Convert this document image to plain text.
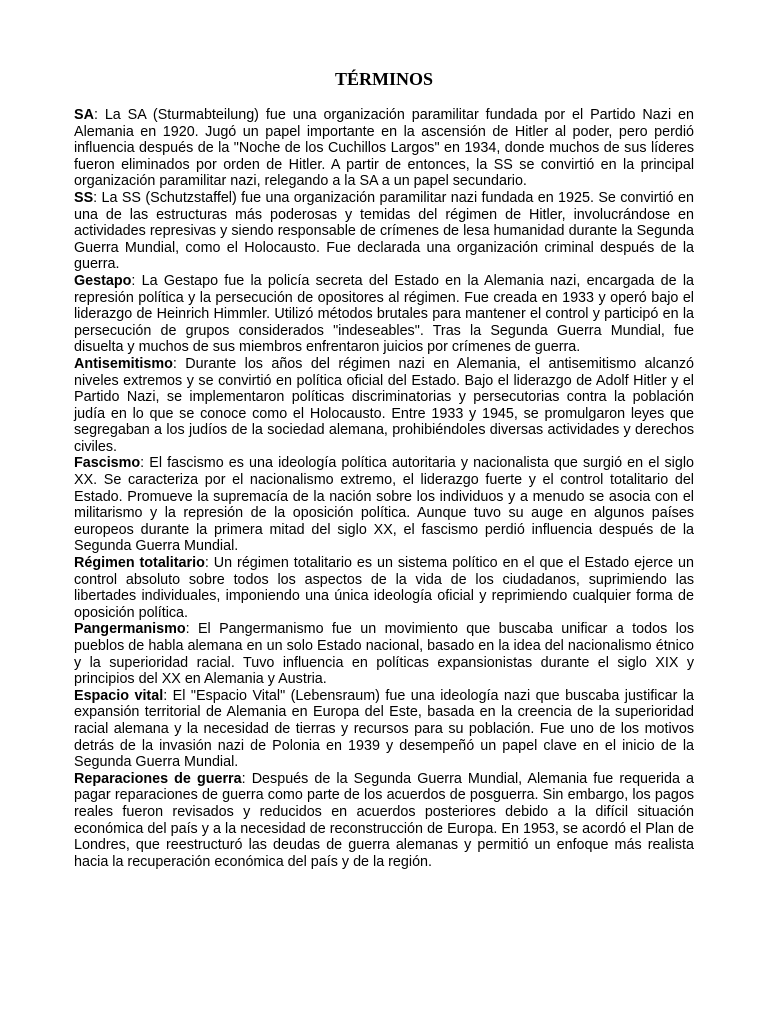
TÉRMINOS

SA: La SA (Sturmabteilung) fue una organización paramilitar fundada por el Partido Nazi en Alemania en 1920. Jugó un papel importante en la ascensión de Hitler al poder, pero perdió influencia después de la "Noche de los Cuchillos Largos" en 1934, donde muchos de sus líderes fueron eliminados por orden de Hitler. A partir de entonces, la SS se convirtió en la principal organización paramilitar nazi, relegando a la SA a un papel secundario.

SS: La SS (Schutzstaffel) fue una organización paramilitar nazi fundada en 1925. Se convirtió en una de las estructuras más poderosas y temidas del régimen de Hitler, involucrándose en actividades represivas y siendo responsable de crímenes de lesa humanidad durante la Segunda Guerra Mundial, como el Holocausto. Fue declarada una organización criminal después de la guerra.

Gestapo: La Gestapo fue la policía secreta del Estado en la Alemania nazi, encargada de la represión política y la persecución de opositores al régimen. Fue creada en 1933 y operó bajo el liderazgo de Heinrich Himmler. Utilizó métodos brutales para mantener el control y participó en la persecución de grupos considerados "indeseables". Tras la Segunda Guerra Mundial, fue disuelta y muchos de sus miembros enfrentaron juicios por crímenes de guerra.

Antisemitismo: Durante los años del régimen nazi en Alemania, el antisemitismo alcanzó niveles extremos y se convirtió en política oficial del Estado. Bajo el liderazgo de Adolf Hitler y el Partido Nazi, se implementaron políticas discriminatorias y persecutorias contra la población judía en lo que se conoce como el Holocausto. Entre 1933 y 1945, se promulgaron leyes que segregaban a los judíos de la sociedad alemana, prohibiéndoles diversas actividades y derechos civiles.

Fascismo: El fascismo es una ideología política autoritaria y nacionalista que surgió en el siglo XX. Se caracteriza por el nacionalismo extremo, el liderazgo fuerte y el control totalitario del Estado. Promueve la supremacía de la nación sobre los individuos y a menudo se asocia con el militarismo y la represión de la oposición política. Aunque tuvo su auge en algunos países europeos durante la primera mitad del siglo XX, el fascismo perdió influencia después de la Segunda Guerra Mundial.

Régimen totalitario: Un régimen totalitario es un sistema político en el que el Estado ejerce un control absoluto sobre todos los aspectos de la vida de los ciudadanos, suprimiendo las libertades individuales, imponiendo una única ideología oficial y reprimiendo cualquier forma de oposición política.

Pangermanismo: El Pangermanismo fue un movimiento que buscaba unificar a todos los pueblos de habla alemana en un solo Estado nacional, basado en la idea del nacionalismo étnico y la superioridad racial. Tuvo influencia en políticas expansionistas durante el siglo XIX y principios del XX en Alemania y Austria.

Espacio vital: El "Espacio Vital" (Lebensraum) fue una ideología nazi que buscaba justificar la expansión territorial de Alemania en Europa del Este, basada en la creencia de la superioridad racial alemana y la necesidad de tierras y recursos para su población. Fue uno de los motivos detrás de la invasión nazi de Polonia en 1939 y desempeñó un papel clave en el inicio de la Segunda Guerra Mundial.

Reparaciones de guerra: Después de la Segunda Guerra Mundial, Alemania fue requerida a pagar reparaciones de guerra como parte de los acuerdos de posguerra. Sin embargo, los pagos reales fueron revisados y reducidos en acuerdos posteriores debido a la difícil situación económica del país y a la necesidad de reconstrucción de Europa. En 1953, se acordó el Plan de Londres, que reestructuró las deudas de guerra alemanas y permitió un enfoque más realista hacia la recuperación económica del país y de la región.
